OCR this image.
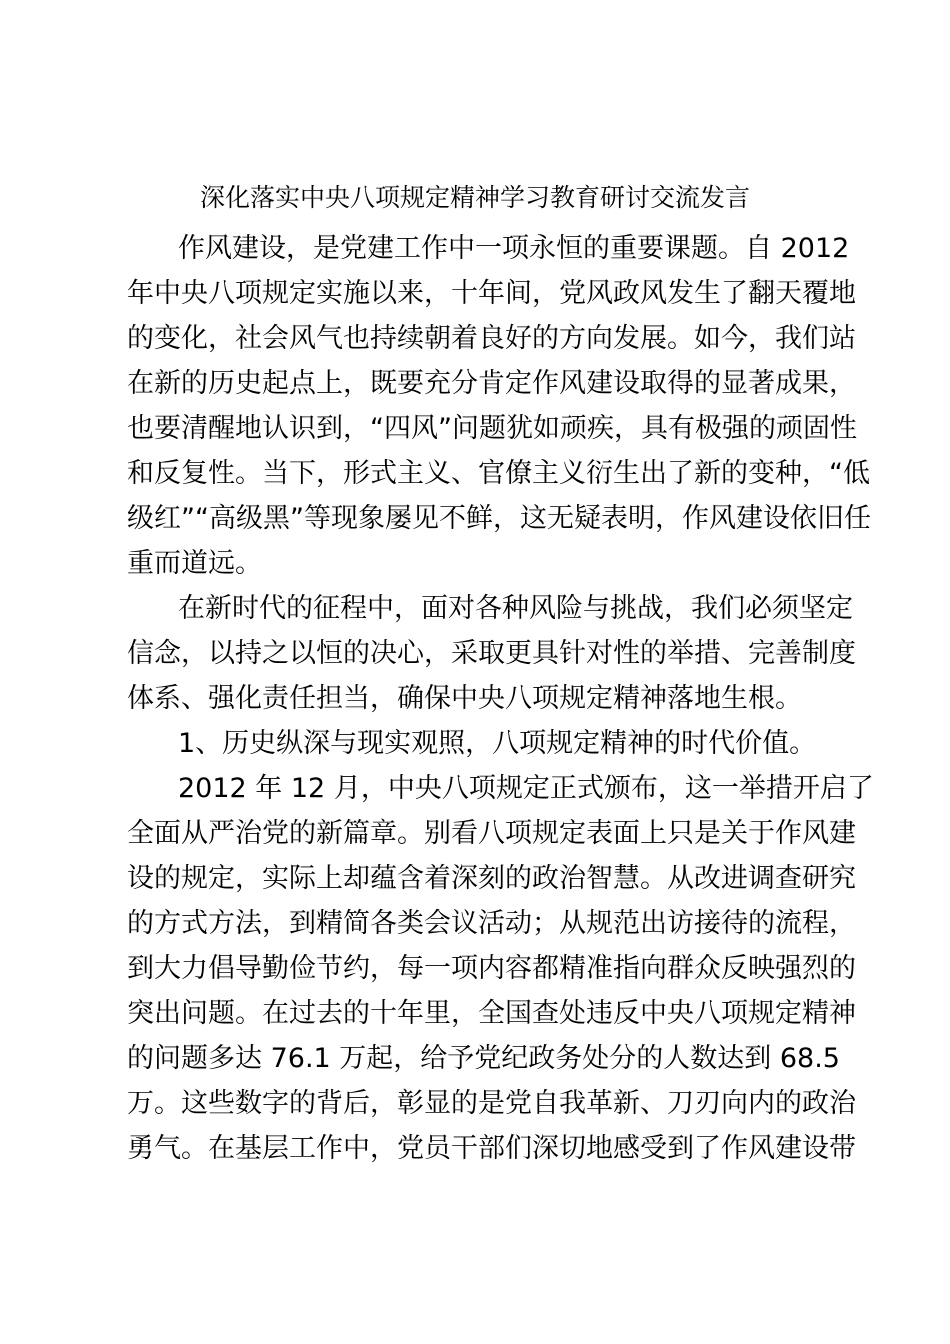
深化落实中央八项规定精神学习教育研讨交流发言
作风建设，是党建工作中一项永恒的重要课题。自 2012
年中央八项规定实施以来，十年间，党风政风发生了翻天覆地
的变化，社会风气也持续朝着良好的方向发展。如今，我们站
在新的历史起点上，既要充分肯定作风建设取得的显著成果，
也要清醒地认识到，“四风”问题犹如顽疾，具有极强的顽固性
和反复性。当下，形式主义、官僚主义衍生出了新的变种，“低
级红”“高级黑”等现象屡见不鲜，这无疑表明，作风建设依旧任
重而道远。
在新时代的征程中，面对各种风险与挑战，我们必须坚定
信念，以持之以恒的决心，采取更具针对性的举措、完善制度
体系、强化责任担当，确保中央八项规定精神落地生根。
1、历史纵深与现实观照，八项规定精神的时代价值。
2012 年 12 月，中央八项规定正式颁布，这一举措开启了
全面从严治党的新篇章。别看八项规定表面上只是关于作风建
设的规定，实际上却蕴含着深刻的政治智慧。从改进调查研究
的方式方法，到精简各类会议活动；从规范出访接待的流程，
到大力倡导勤俭节约，每一项内容都精准指向群众反映强烈的
突出问题。在过去的十年里，全国查处违反中央八项规定精神
的问题多达 76.1 万起，给予党纪政务处分的人数达到 68.5
万。这些数字的背后，彰显的是党自我革新、刀刃向内的政治
勇气。在基层工作中，党员干部们深切地感受到了作风建设带
